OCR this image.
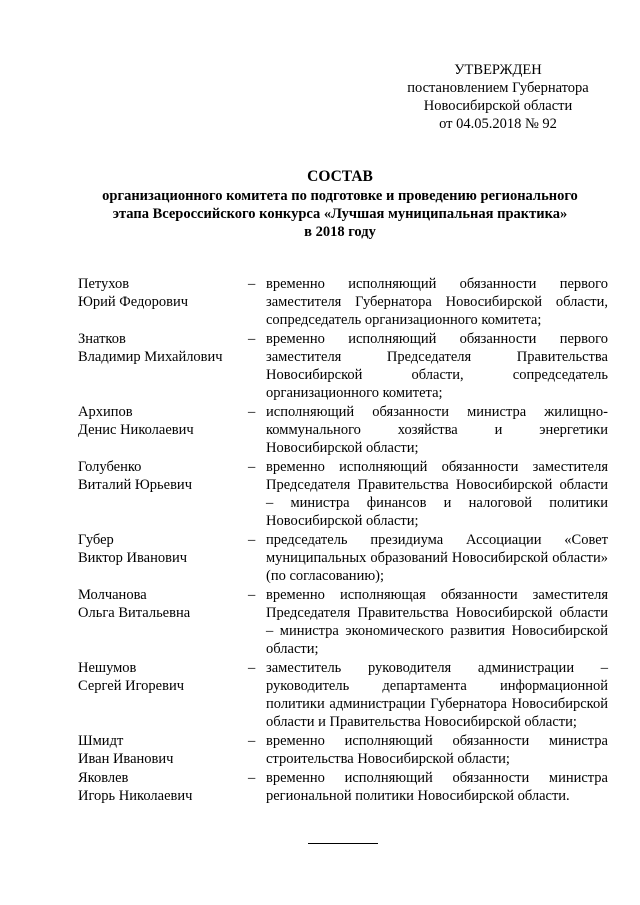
УТВЕРЖДЕН
постановлением Губернатора
Новосибирской области
от 04.05.2018 № 92
СОСТАВ
организационного комитета по подготовке и проведению регионального
этапа Всероссийского конкурса «Лучшая муниципальная практика»
в 2018 году
Петухов
Юрий Федорович
– временно исполняющий обязанности первого заместителя Губернатора Новосибирской области, сопредседатель организационного комитета;
Знатков
Владимир Михайлович
– временно исполняющий обязанности первого заместителя Председателя Правительства Новосибирской области, сопредседатель организационного комитета;
Архипов
Денис Николаевич
– исполняющий обязанности министра жилищно-коммунального хозяйства и энергетики Новосибирской области;
Голубенко
Виталий Юрьевич
– временно исполняющий обязанности заместителя Председателя Правительства Новосибирской области – министра финансов и налоговой политики Новосибирской области;
Губер
Виктор Иванович
– председатель президиума Ассоциации «Совет муниципальных образований Новосибирской области» (по согласованию);
Молчанова
Ольга Витальевна
– временно исполняющая обязанности заместителя Председателя Правительства Новосибирской области – министра экономического развития Новосибирской области;
Нешумов
Сергей Игоревич
– заместитель руководителя администрации – руководитель департамента информационной политики администрации Губернатора Новосибирской области и Правительства Новосибирской области;
Шмидт
Иван Иванович
– временно исполняющий обязанности министра строительства Новосибирской области;
Яковлев
Игорь Николаевич
– временно исполняющий обязанности министра региональной политики Новосибирской области.
